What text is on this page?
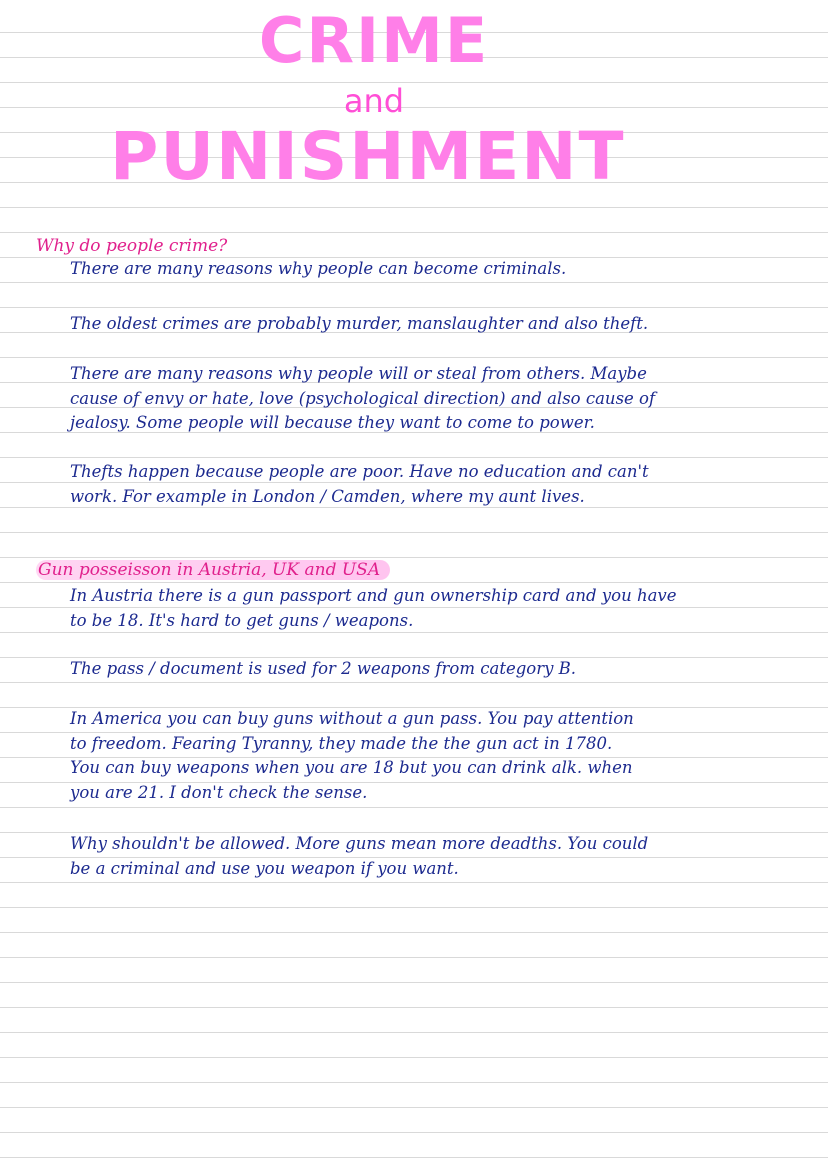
CRIME
and
PUNISHMENT
Why do people crime?
There are many reasons why people can become criminals.
The oldest crimes are probably murder, manslaughter and also theft.
There are many reasons why people will or steal from others. Maybe
cause of envy or hate, love (psychological direction) and also cause of
jealosy. Some people will because they want to come to power.
Thefts happen because people are poor. Have no education and can't
work. For example in London / Camden, where my aunt lives.
Gun posseisson in Austria, UK and USA
In Austria there is a gun passport and gun ownership card and you have
to be 18. It's hard to get guns / weapons.
The pass / document is used for 2 weapons from category B.
In America you can buy guns without a gun pass. You pay attention
to freedom. Fearing Tyranny, they made the the gun act in 1780.
You can buy weapons when you are 18 but you can drink alk. when
you are 21. I don't check the sense.
Why shouldn't be allowed. More guns mean more deadths. You could
be a criminal and use you weapon if you want.
